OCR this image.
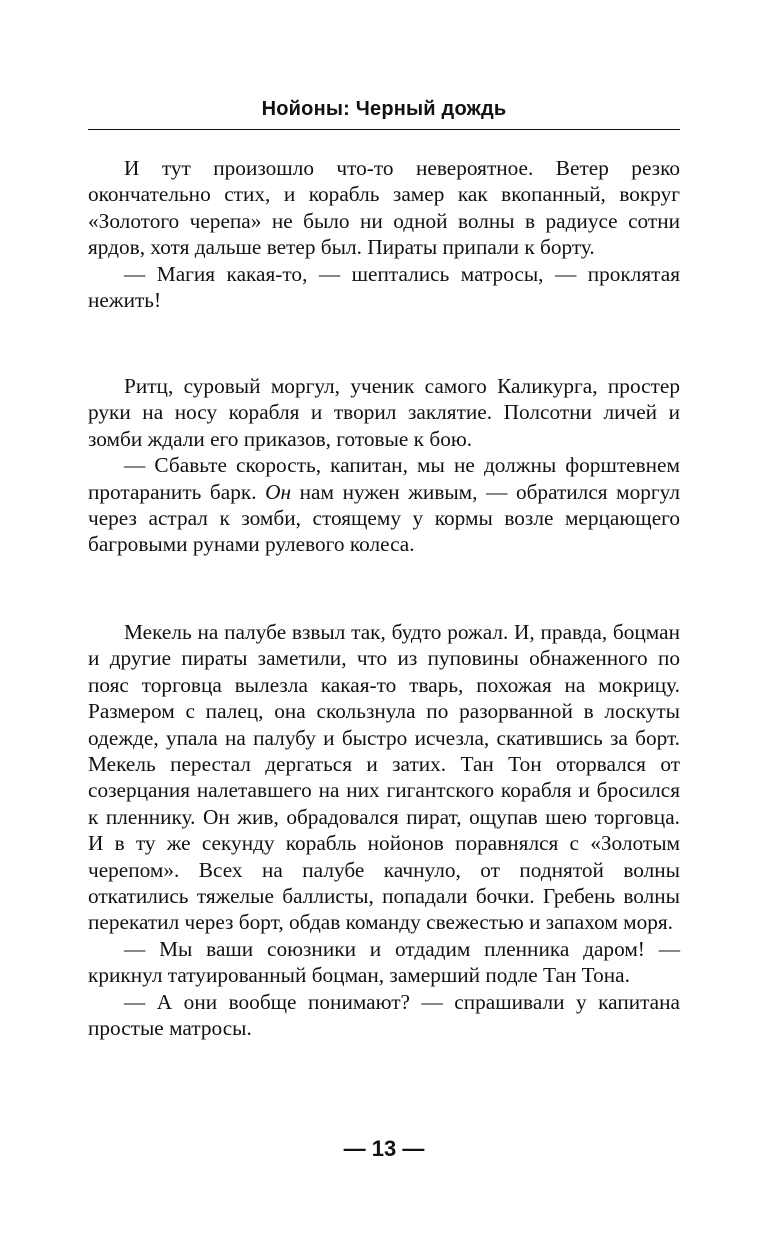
Нойоны: Черный дождь

И тут произошло что-то невероятное. Ветер резко окончательно стих, и корабль замер как вкопанный, вокруг «Золотого черепа» не было ни одной волны в радиусе сотни ярдов, хотя дальше ветер был. Пираты припали к борту.

— Магия какая-то, — шептались матросы, — проклятая нежить!

Ритц, суровый моргул, ученик самого Каликурга, простер руки на носу корабля и творил заклятие. Полсотни личей и зомби ждали его приказов, готовые к бою.

— Сбавьте скорость, капитан, мы не должны форштевнем протаранить барк. Он нам нужен живым, — обратился моргул через астрал к зомби, стоящему у кормы возле мерцающего багровыми рунами рулевого колеса.

Мекель на палубе взвыл так, будто рожал. И, правда, боцман и другие пираты заметили, что из пуповины обнаженного по пояс торговца вылезла какая-то тварь, похожая на мокрицу. Размером с палец, она скользнула по разорванной в лоскуты одежде, упала на палубу и быстро исчезла, скатившись за борт. Мекель перестал дергаться и затих. Тан Тон оторвался от созерцания налетавшего на них гигантского корабля и бросился к пленнику. Он жив, обрадовался пират, ощупав шею торговца. И в ту же секунду корабль нойонов поравнялся с «Золотым черепом». Всех на палубе качнуло, от поднятой волны откатились тяжелые баллисты, попадали бочки. Гребень волны перекатил через борт, обдав команду свежестью и запахом моря.

— Мы ваши союзники и отдадим пленника даром! — крикнул татуированный боцман, замерший подле Тан Тона.

— А они вообще понимают? — спрашивали у капитана простые матросы.

— 13 —
